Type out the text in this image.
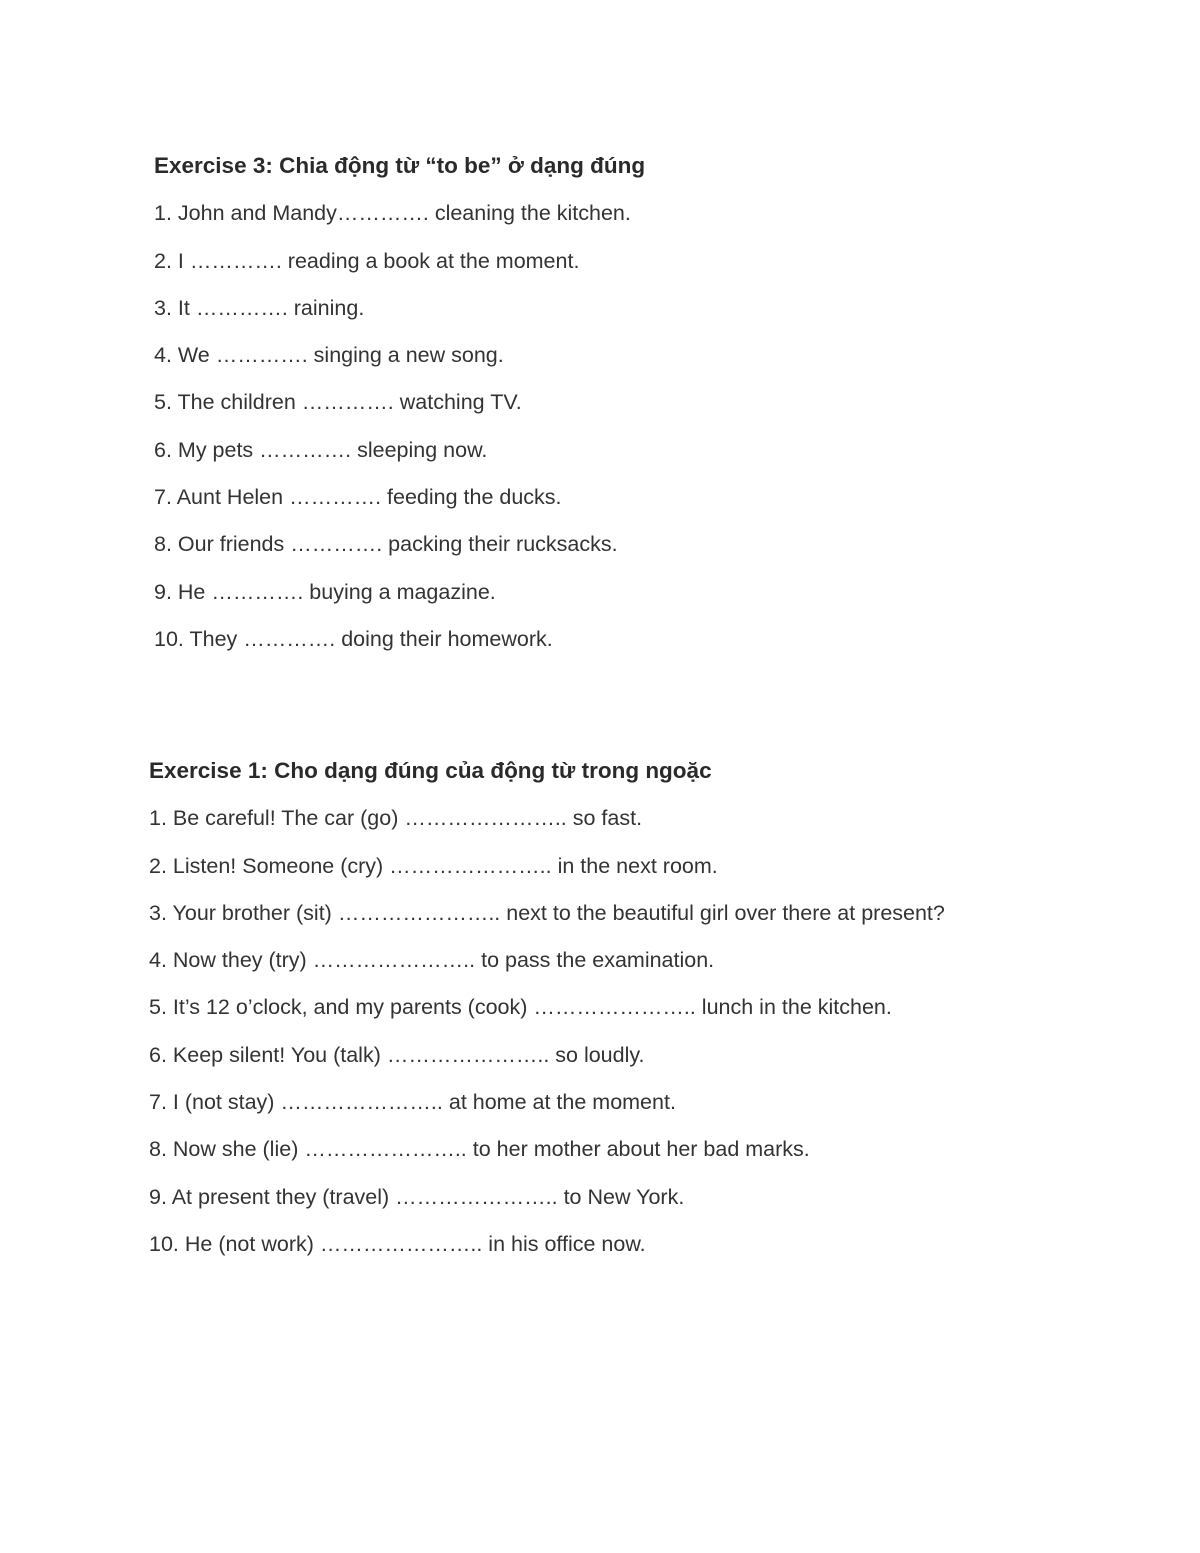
Exercise 3: Chia động từ “to be” ở dạng đúng
1. John and Mandy…………. cleaning the kitchen.
2. I …………. reading a book at the moment.
3. It …………. raining.
4. We …………. singing a new song.
5. The children …………. watching TV.
6. My pets …………. sleeping now.
7. Aunt Helen …………. feeding the ducks.
8. Our friends …………. packing their rucksacks.
9. He …………. buying a magazine.
10. They …………. doing their homework.
Exercise 1: Cho dạng đúng của động từ trong ngoặc
1. Be careful! The car (go) ………………….. so fast.
2. Listen! Someone (cry) ………………….. in the next room.
3. Your brother (sit) ………………….. next to the beautiful girl over there at present?
4. Now they (try) ………………….. to pass the examination.
5. It’s 12 o’clock, and my parents (cook) ………………….. lunch in the kitchen.
6. Keep silent! You (talk) ………………….. so loudly.
7. I (not stay) ………………….. at home at the moment.
8. Now she (lie) ………………….. to her mother about her bad marks.
9. At present they (travel) ………………….. to New York.
10. He (not work) ………………….. in his office now.
